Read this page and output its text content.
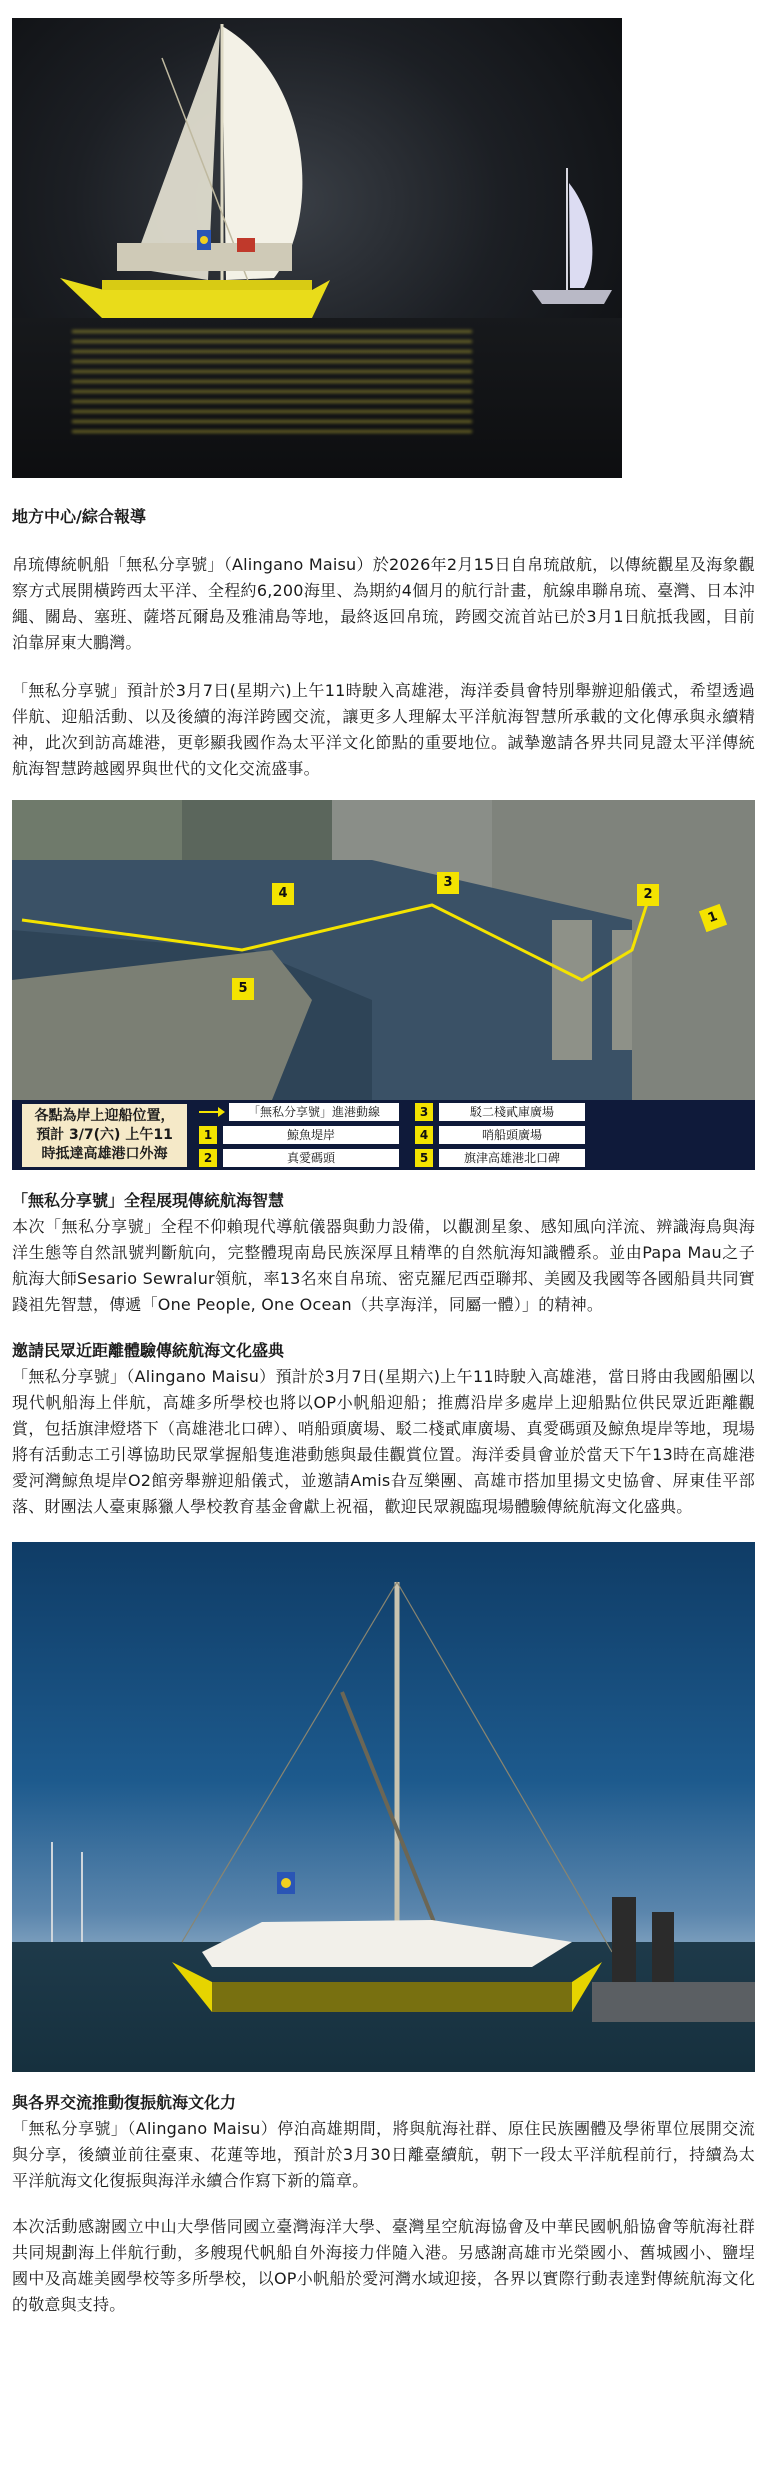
地方中心/綜合報導

帛琉傳統帆船「無私分享號」（Alingano Maisu）於2026年2月15日自帛琉啟航，以傳統觀星及海象觀察方式展開橫跨西太平洋、全程約6,200海里、為期約4個月的航行計畫，航線串聯帛琉、臺灣、日本沖繩、關島、塞班、薩塔瓦爾島及雅浦島等地，最終返回帛琉，跨國交流首站已於3月1日航抵我國，目前泊靠屏東大鵬灣。

「無私分享號」預計於3月7日(星期六)上午11時駛入高雄港，海洋委員會特別舉辦迎船儀式，希望透過伴航、迎船活動、以及後續的海洋跨國交流，讓更多人理解太平洋航海智慧所承載的文化傳承與永續精神，此次到訪高雄港，更彰顯我國作為太平洋文化節點的重要地位。誠摯邀請各界共同見證太平洋傳統航海智慧跨越國界與世代的文化交流盛事。

1
2
3
4
5
各點為岸上迎船位置，預計 3/7(六) 上午11時抵達高雄港口外海
「無私分享號」進港動線	3	駁二棧貳庫廣場
1	鯨魚堤岸	4	哨船頭廣場
2	真愛碼頭	5	旗津高雄港北口碑
「無私分享號」全程展現傳統航海智慧

本次「無私分享號」全程不仰賴現代導航儀器與動力設備，以觀測星象、感知風向洋流、辨識海鳥與海洋生態等自然訊號判斷航向，完整體現南島民族深厚且精準的自然航海知識體系。並由Papa Mau之子航海大師Sesario Sewralur領航，率13名來自帛琉、密克羅尼西亞聯邦、美國及我國等各國船員共同實踐祖先智慧，傳遞「One People, One Ocean（共享海洋，同屬一體）」的精神。

邀請民眾近距離體驗傳統航海文化盛典

「無私分享號」（Alingano Maisu）預計於3月7日(星期六)上午11時駛入高雄港，當日將由我國船團以現代帆船海上伴航，高雄多所學校也將以OP小帆船迎船；推薦沿岸多處岸上迎船點位供民眾近距離觀賞，包括旗津燈塔下（高雄港北口碑）、哨船頭廣場、駁二棧貳庫廣場、真愛碼頭及鯨魚堤岸等地，現場將有活動志工引導協助民眾掌握船隻進港動態與最佳觀賞位置。海洋委員會並於當天下午13時在高雄港愛河灣鯨魚堤岸O2館旁舉辦迎船儀式，並邀請Amis旮亙樂團、高雄市搭加里揚文史協會、屏東佳平部落、財團法人臺東縣獵人學校教育基金會獻上祝福，歡迎民眾親臨現場體驗傳統航海文化盛典。

與各界交流推動復振航海文化力

「無私分享號」（Alingano Maisu）停泊高雄期間，將與航海社群、原住民族團體及學術單位展開交流與分享，後續並前往臺東、花蓮等地，預計於3月30日離臺續航，朝下一段太平洋航程前行，持續為太平洋航海文化復振與海洋永續合作寫下新的篇章。

本次活動感謝國立中山大學偕同國立臺灣海洋大學、臺灣星空航海協會及中華民國帆船協會等航海社群共同規劃海上伴航行動，多艘現代帆船自外海接力伴隨入港。另感謝高雄市光榮國小、舊城國小、鹽埕國中及高雄美國學校等多所學校，以OP小帆船於愛河灣水域迎接，各界以實際行動表達對傳統航海文化的敬意與支持。
